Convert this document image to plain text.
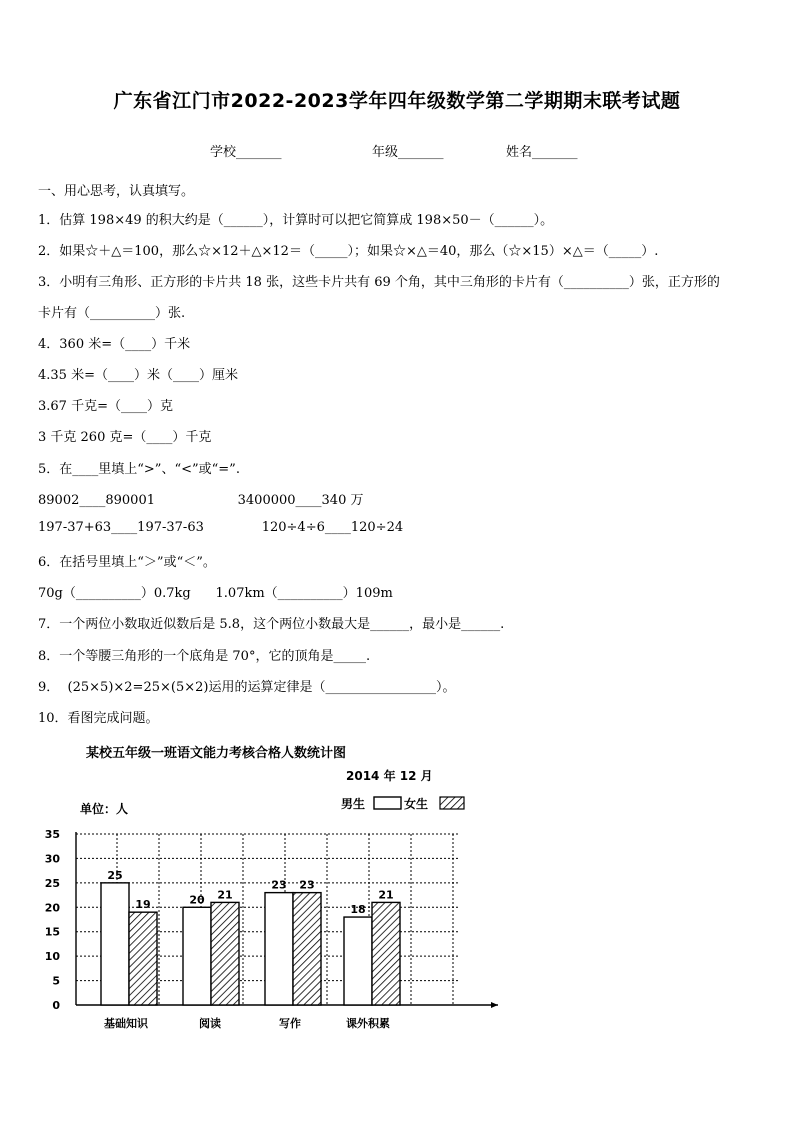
广东省江门市2022-2023学年四年级数学第二学期期末联考试题
学校_______	年级_______	姓名_______
一、用心思考，认真填写。
1．估算 198×49 的积大约是（______），计算时可以把它简算成 198×50－（______）。
2．如果☆＋△＝100，那么☆×12＋△×12＝（_____）；如果☆×△＝40，那么（☆×15）×△＝（_____）.
3．小明有三角形、正方形的卡片共 18 张，这些卡片共有 69 个角，其中三角形的卡片有（__________）张，正方形的
卡片有（__________）张.
4．360 米=（____）千米
4.35 米=（____）米（____）厘米
3.67 千克=（____）克
3 千克 260 克=（____）千克
5．在____里填上“>”、“<”或“=”.
89002____890001                    3400000____340 万
197-37+63____197-37-63              120÷4÷6____120÷24
6．在括号里填上“＞”或“＜”。
70g（__________）0.7kg      1.07km（__________）109m
7．一个两位小数取近似数后是 5.8，这个两位小数最大是______，最小是______.
8．一个等腰三角形的一个底角是 70°，它的顶角是_____.
9．  (25×5)×2=25×(5×2)运用的运算定律是（_________________）。
10．看图完成问题。
某校五年级一班语文能力考核合格人数统计图
2014 年 12 月
单位：人	男生	女生
0
5
10
15
20
25
30
35
25
19
基础知识
20 21
阅读
23 23
写作
18
21
课外积累
